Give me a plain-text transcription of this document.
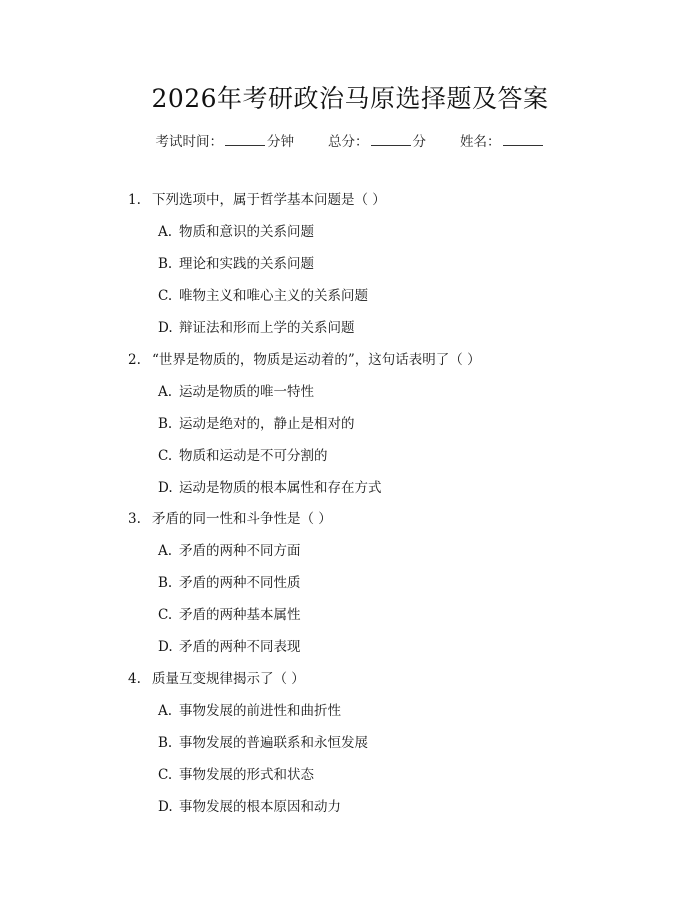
2026年考研政治马原选择题及答案
考试时间：	分钟	总分：	分	姓名：
1. 下列选项中，属于哲学基本问题是（ ）
A. 物质和意识的关系问题
B. 理论和实践的关系问题
C. 唯物主义和唯心主义的关系问题
D. 辩证法和形而上学的关系问题
2. “世界是物质的，物质是运动着的”，这句话表明了（ ）
A. 运动是物质的唯一特性
B. 运动是绝对的，静止是相对的
C. 物质和运动是不可分割的
D. 运动是物质的根本属性和存在方式
3. 矛盾的同一性和斗争性是（ ）
A. 矛盾的两种不同方面
B. 矛盾的两种不同性质
C. 矛盾的两种基本属性
D. 矛盾的两种不同表现
4. 质量互变规律揭示了（ ）
A. 事物发展的前进性和曲折性
B. 事物发展的普遍联系和永恒发展
C. 事物发展的形式和状态
D. 事物发展的根本原因和动力
